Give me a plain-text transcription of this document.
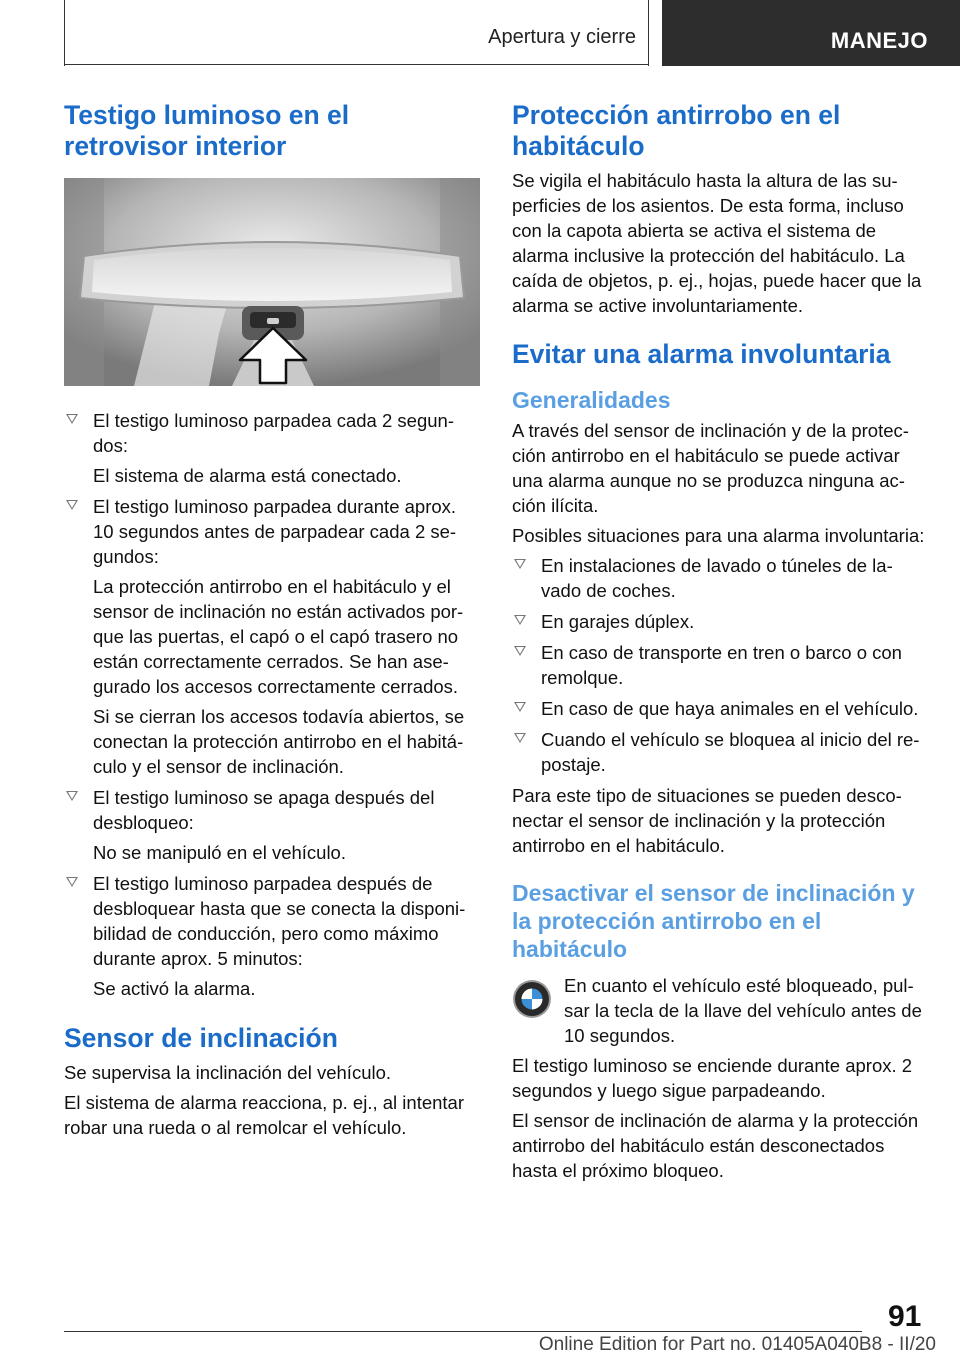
Apertura y cierre	MANEJO
Testigo luminoso en el retrovisor interior

El testigo luminoso parpadea cada 2 segun‐dos:

El sistema de alarma está conectado.

El testigo luminoso parpadea durante aprox. 10 segundos antes de parpadear cada 2 se‐gundos:

La protección antirrobo en el habitáculo y el sensor de inclinación no están activados por‐que las puertas, el capó o el capó trasero no están correctamente cerrados. Se han ase‐gurado los accesos correctamente cerrados.

Si se cierran los accesos todavía abiertos, se conectan la protección antirrobo en el habitá‐culo y el sensor de inclinación.

El testigo luminoso se apaga después del desbloqueo:

No se manipuló en el vehículo.

El testigo luminoso parpadea después de desbloquear hasta que se conecta la disponi‐bilidad de conducción, pero como máximo durante aprox. 5 minutos:

Se activó la alarma.

Sensor de inclinación

Se supervisa la inclinación del vehículo.

El sistema de alarma reacciona, p. ej., al intentar robar una rueda o al remolcar el vehículo.

Protección antirrobo en el habitáculo

Se vigila el habitáculo hasta la altura de las su‐perficies de los asientos. De esta forma, incluso con la capota abierta se activa el sistema de alarma inclusive la protección del habitáculo. La caída de objetos, p. ej., hojas, puede hacer que la alarma se active involuntariamente.

Evitar una alarma involuntaria
Generalidades

A través del sensor de inclinación y de la protec‐ción antirrobo en el habitáculo se puede activar una alarma aunque no se produzca ninguna ac‐ción ilícita.

Posibles situaciones para una alarma involuntaria:

En instalaciones de lavado o túneles de la‐vado de coches.

En garajes dúplex.

En caso de transporte en tren o barco o con remolque.

En caso de que haya animales en el vehículo.

Cuando el vehículo se bloquea al inicio del re‐postaje.

Para este tipo de situaciones se pueden desco‐nectar el sensor de inclinación y la protección antirrobo en el habitáculo.

Desactivar el sensor de inclinación y la protección antirrobo en el habitáculo

En cuanto el vehículo esté bloqueado, pul‐sar la tecla de la llave del vehículo antes de 10 segundos.

El testigo luminoso se enciende durante aprox. 2 segundos y luego sigue parpadeando.

El sensor de inclinación de alarma y la protección antirrobo del habitáculo están desconectados hasta el próximo bloqueo.

91
Online Edition for Part no. 01405A040B8 - II/20
